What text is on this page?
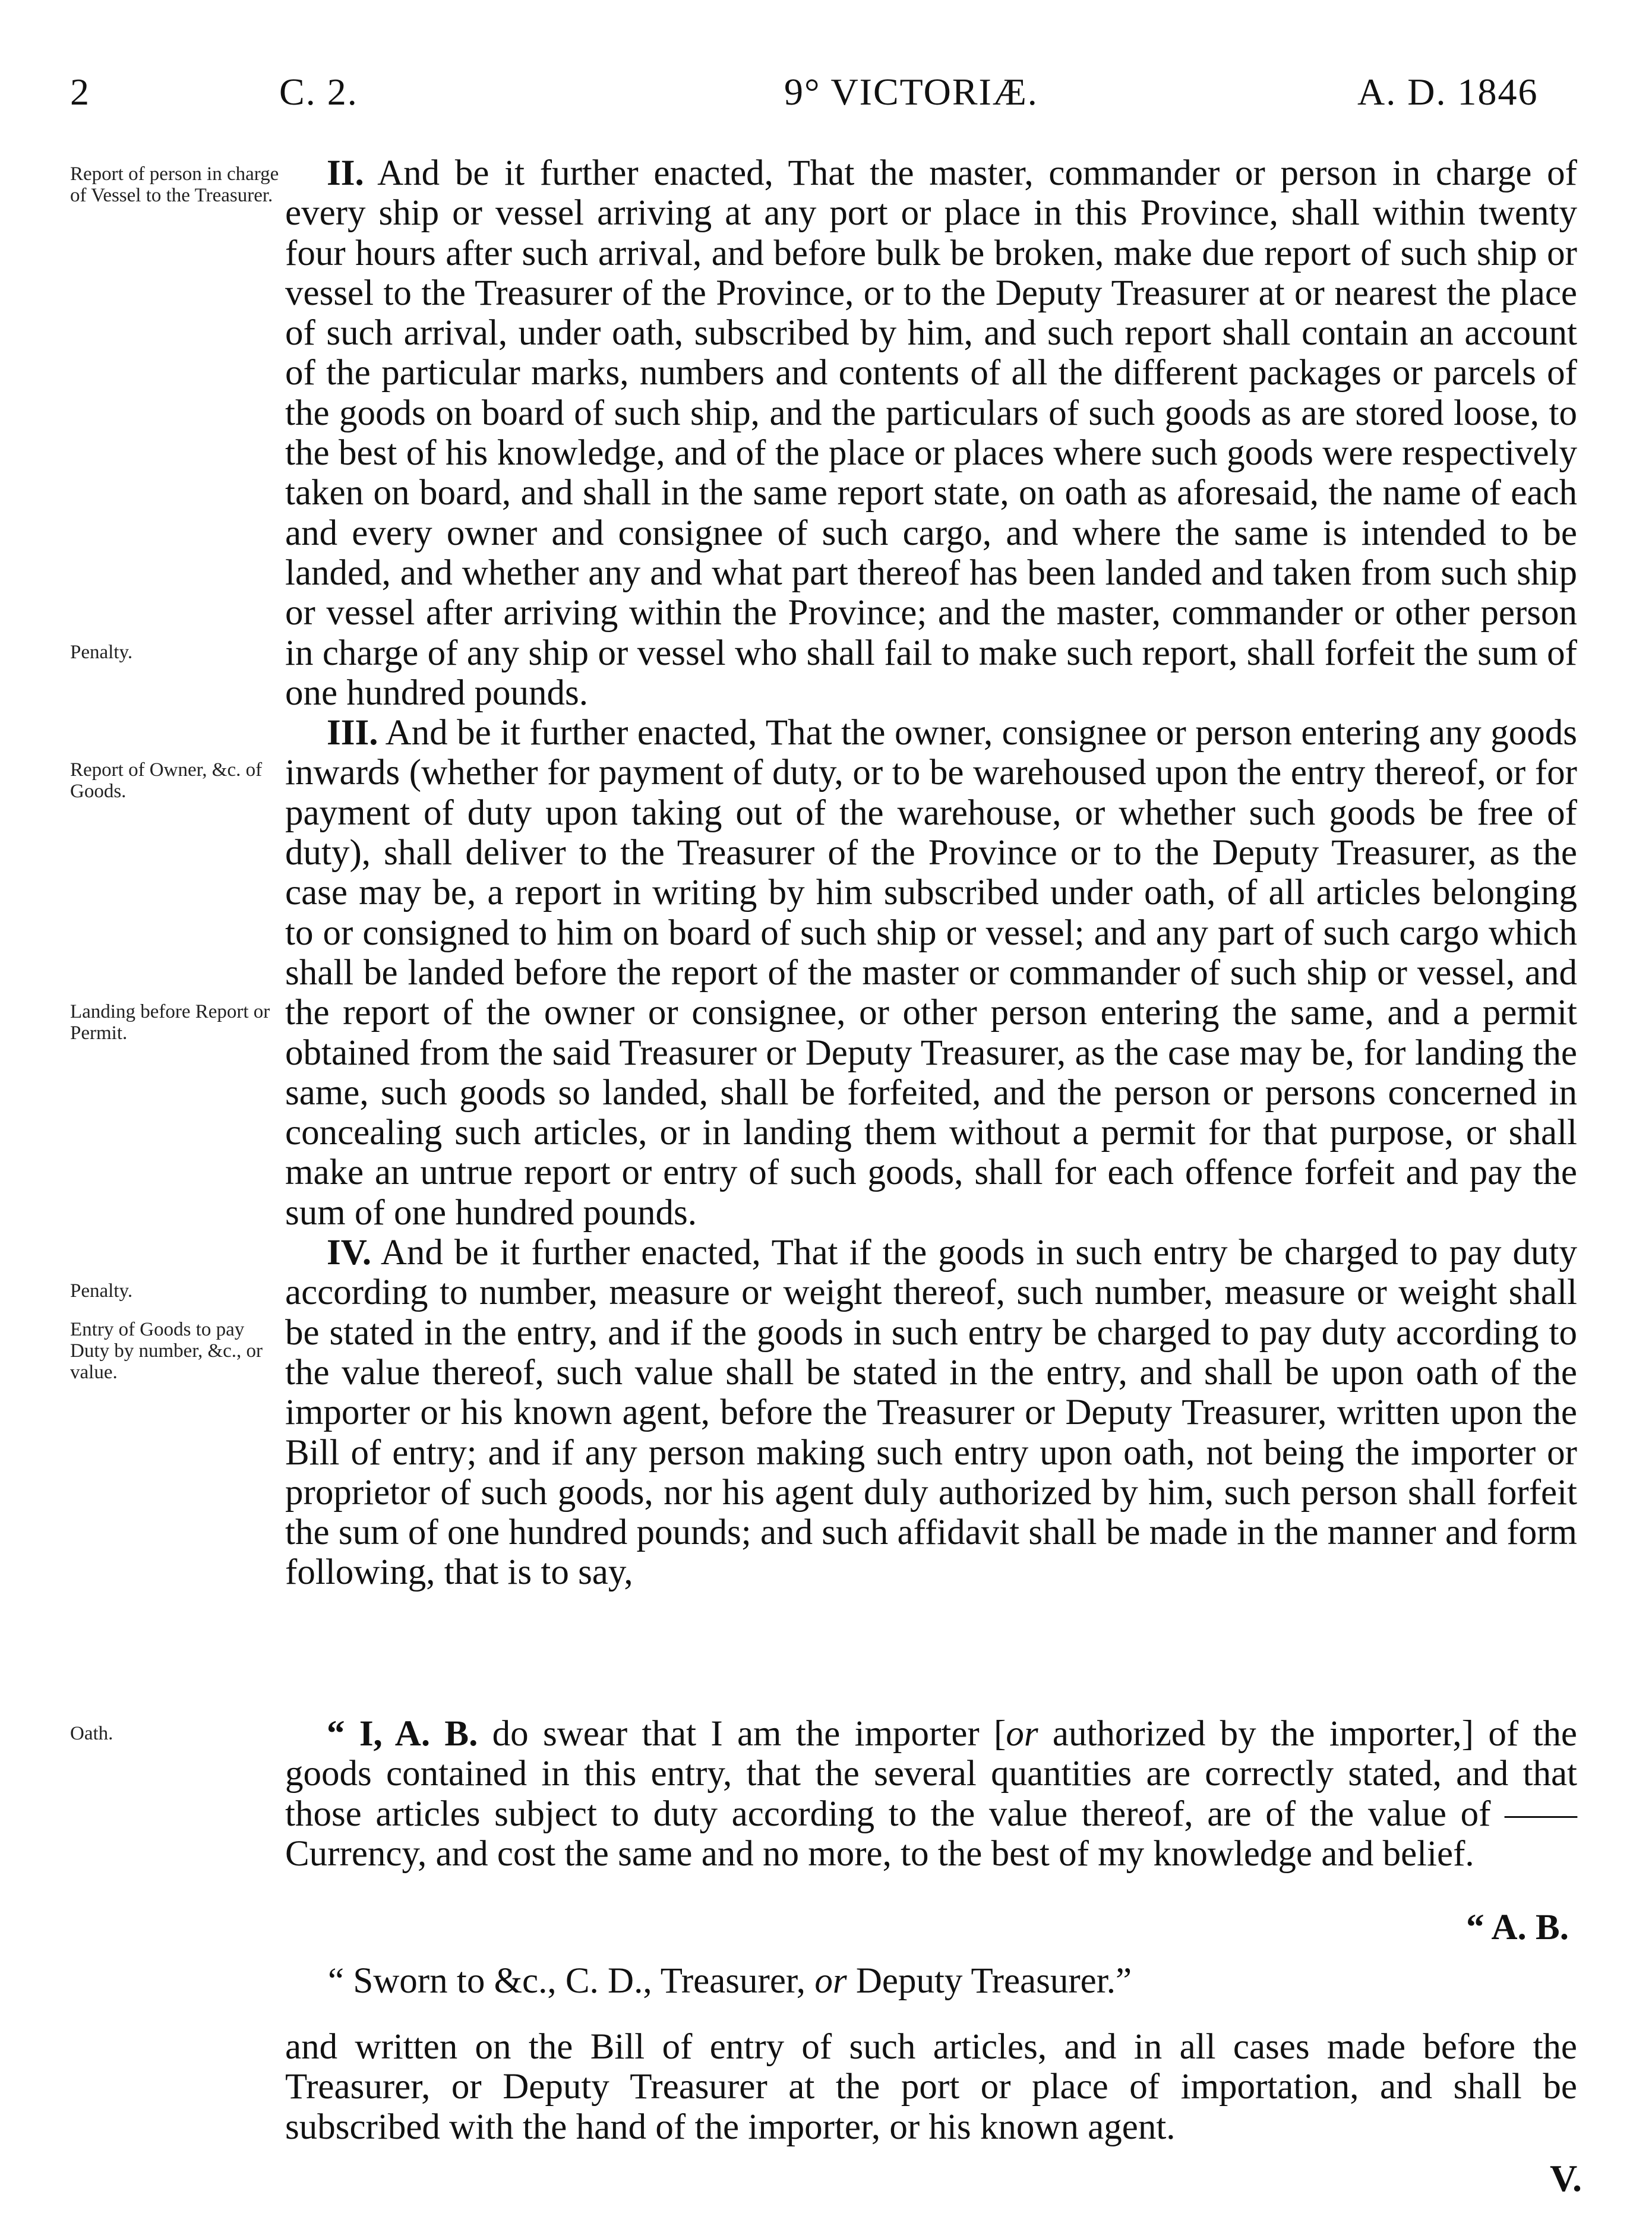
2	C. 2.	9° VICTORIÆ.	A. D. 1846
Report of person in charge of Vessel to the Treasurer.
Penalty.
Report of Owner, &c. of Goods.
Landing before Report or Permit.
Penalty.
Entry of Goods to pay Duty by number, &c., or value.
Oath.

II. And be it further enacted, That the master, commander or person in charge of every ship or vessel arriving at any port or place in this Province, shall within twenty four hours after such arrival, and before bulk be broken, make due report of such ship or vessel to the Treasurer of the Province, or to the Deputy Treasurer at or nearest the place of such arrival, under oath, subscribed by him, and such report shall contain an account of the particular marks, numbers and contents of all the different packages or parcels of the goods on board of such ship, and the particulars of such goods as are stored loose, to the best of his knowledge, and of the place or places where such goods were respectively taken on board, and shall in the same report state, on oath as aforesaid, the name of each and every owner and consignee of such cargo, and where the same is intended to be landed, and whether any and what part thereof has been landed and taken from such ship or vessel after arriving within the Province; and the master, commander or other person in charge of any ship or vessel who shall fail to make such report, shall forfeit the sum of one hundred pounds.

III. And be it further enacted, That the owner, consignee or person entering any goods inwards (whether for payment of duty, or to be warehoused upon the entry thereof, or for payment of duty upon taking out of the warehouse, or whether such goods be free of duty), shall deliver to the Treasurer of the Province or to the Deputy Treasurer, as the case may be, a report in writing by him subscribed under oath, of all articles belonging to or consigned to him on board of such ship or vessel; and any part of such cargo which shall be landed before the report of the master or commander of such ship or vessel, and the report of the owner or consignee, or other person entering the same, and a permit obtained from the said Treasurer or Deputy Treasurer, as the case may be, for landing the same, such goods so landed, shall be forfeited, and the person or persons concerned in concealing such articles, or in landing them without a permit for that purpose, or shall make an untrue report or entry of such goods, shall for each offence forfeit and pay the sum of one hundred pounds.

IV. And be it further enacted, That if the goods in such entry be charged to pay duty according to number, measure or weight thereof, such number, measure or weight shall be stated in the entry, and if the goods in such entry be charged to pay duty according to the value thereof, such value shall be stated in the entry, and shall be upon oath of the importer or his known agent, before the Treasurer or Deputy Treasurer, written upon the Bill of entry; and if any person making such entry upon oath, not being the importer or proprietor of such goods, nor his agent duly authorized by him, such person shall forfeit the sum of one hundred pounds; and such affidavit shall be made in the manner and form following, that is to say,

“ I, A. B. do swear that I am the importer [or authorized by the importer,] of the goods contained in this entry, that the several quantities are correctly stated, and that those articles subject to duty according to the value thereof, are of the value of —— Currency, and cost the same and no more, to the best of my knowledge and belief.

“ A. B.
“ Sworn to &c., C. D., Treasurer, or Deputy Treasurer.”
and written on the Bill of entry of such articles, and in all cases made before the Treasurer, or Deputy Treasurer at the port or place of importation, and shall be subscribed with the hand of the importer, or his known agent.
V.
